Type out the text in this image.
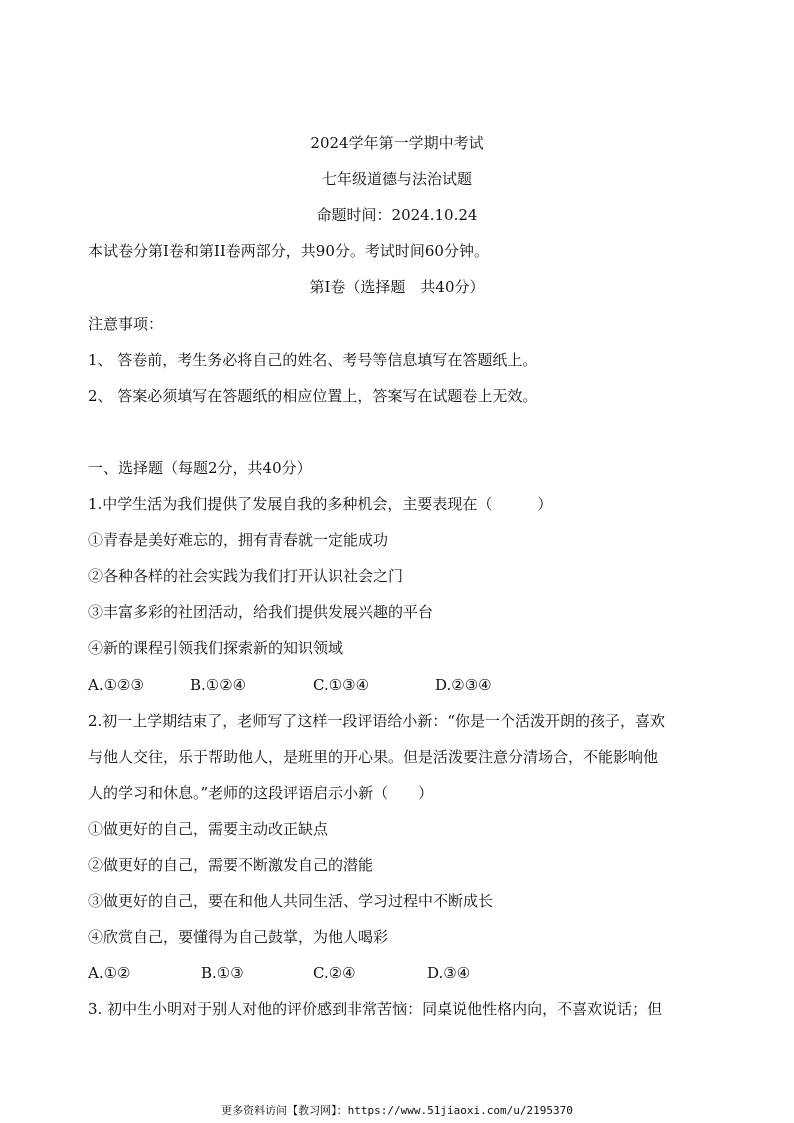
2024学年第一学期中考试
七年级道德与法治试题
命题时间：2024.10.24
本试卷分第Ⅰ卷和第II卷两部分，共90分。考试时间60分钟。
第Ⅰ卷（选择题　共40分）
注意事项：
1、 答卷前，考生务必将自己的姓名、考号等信息填写在答题纸上。
2、 答案必须填写在答题纸的相应位置上，答案写在试题卷上无效。
一、选择题（每题2分，共40分）
1.中学生活为我们提供了发展自我的多种机会，主要表现在（　　　）
①青春是美好难忘的，拥有青春就一定能成功
②各种各样的社会实践为我们打开认识社会之门
③丰富多彩的社团活动，给我们提供发展兴趣的平台
④新的课程引领我们探索新的知识领域
A.①②③	B.①②④	C.①③④	D.②③④
2.初一上学期结束了，老师写了这样一段评语给小新：“你是一个活泼开朗的孩子，喜欢
与他人交往，乐于帮助他人，是班里的开心果。但是活泼要注意分清场合，不能影响他
人的学习和休息。”老师的这段评语启示小新（　　）
①做更好的自己，需要主动改正缺点
②做更好的自己，需要不断激发自己的潜能
③做更好的自己，要在和他人共同生活、学习过程中不断成长
④欣赏自己，要懂得为自己鼓掌，为他人喝彩
A.①②	B.①③	C.②④	D.③④
3. 初中生小明对于别人对他的评价感到非常苦恼：同桌说他性格内向，不喜欢说话；但
更多资料访问【教习网】：https://www.51jiaoxi.com/u/2195370
